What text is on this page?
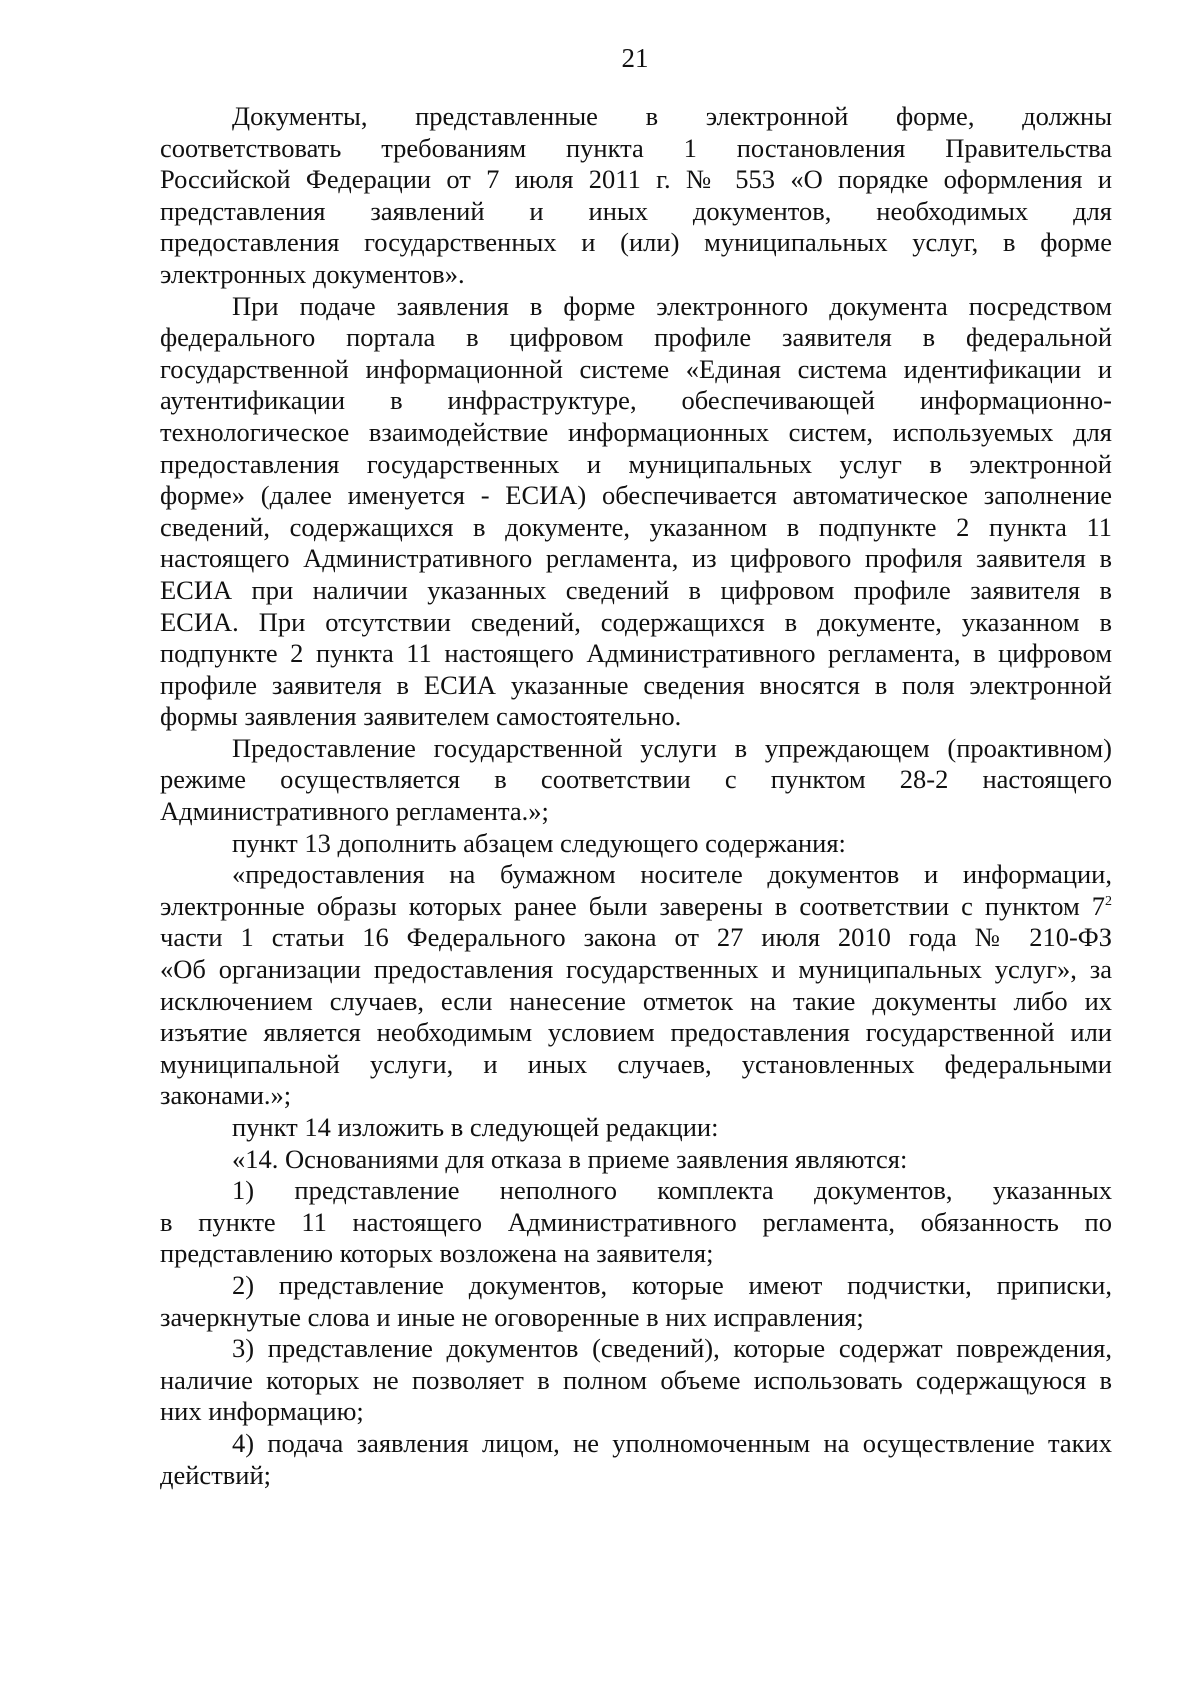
21

Документы, представленные в электронной форме, должны
соответствовать требованиям пункта 1 постановления Правительства
Российской Федерации от 7 июля 2011 г. № 553 «О порядке оформления и
представления заявлений и иных документов, необходимых для
предоставления государственных и (или) муниципальных услуг, в форме
электронных документов».

При подаче заявления в форме электронного документа посредством
федерального портала в цифровом профиле заявителя в федеральной
государственной информационной системе «Единая система идентификации и
аутентификации в инфраструктуре, обеспечивающей информационно-
технологическое взаимодействие информационных систем, используемых для
предоставления государственных и муниципальных услуг в электронной
форме» (далее именуется - ЕСИА) обеспечивается автоматическое заполнение
сведений, содержащихся в документе, указанном в подпункте 2 пункта 11
настоящего Административного регламента, из цифрового профиля заявителя в
ЕСИА при наличии указанных сведений в цифровом профиле заявителя в
ЕСИА. При отсутствии сведений, содержащихся в документе, указанном в
подпункте 2 пункта 11 настоящего Административного регламента, в цифровом
профиле заявителя в ЕСИА указанные сведения вносятся в поля электронной
формы заявления заявителем самостоятельно.

Предоставление государственной услуги в упреждающем (проактивном)
режиме осуществляется в соответствии с пунктом 28-2 настоящего
Административного регламента.»;

пункт 13 дополнить абзацем следующего содержания:

«предоставления на бумажном носителе документов и информации,
электронные образы которых ранее были заверены в соответствии с пунктом $7^2$
части 1 статьи 16 Федерального закона от 27 июля 2010 года № 210-ФЗ
«Об организации предоставления государственных и муниципальных услуг», за
исключением случаев, если нанесение отметок на такие документы либо их
изъятие является необходимым условием предоставления государственной или
муниципальной услуги, и иных случаев, установленных федеральными
законами.»;

пункт 14 изложить в следующей редакции:

«14. Основаниями для отказа в приеме заявления являются:

1) представление неполного комплекта документов, указанных
в пункте 11 настоящего Административного регламента, обязанность по
представлению которых возложена на заявителя;

2) представление документов, которые имеют подчистки, приписки,
зачеркнутые слова и иные не оговоренные в них исправления;

3) представление документов (сведений), которые содержат повреждения,
наличие которых не позволяет в полном объеме использовать содержащуюся в
них информацию;

4) подача заявления лицом, не уполномоченным на осуществление таких
действий;
